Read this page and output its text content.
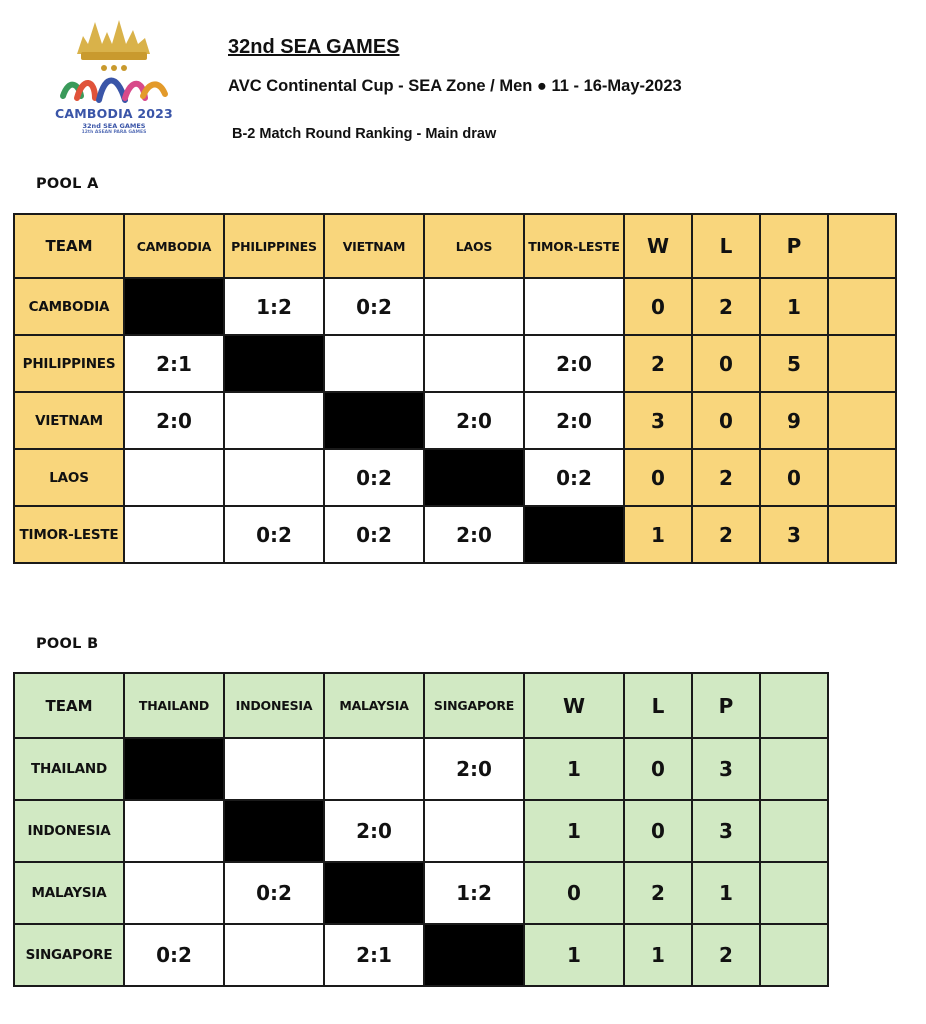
CAMBODIA 2023
32nd SEA GAMES
12th ASEAN PARA GAMES
32nd SEA GAMES
AVC Continental Cup - SEA Zone / Men ● 11 - 16-May-2023
B-2 Match Round Ranking - Main draw
POOL A
TEAM	CAMBODIA	PHILIPPINES	VIETNAM	LAOS	TIMOR-LESTE	W	L	P	
CAMBODIA		1:2	0:2			0	2	1	
PHILIPPINES	2:1				2:0	2	0	5	
VIETNAM	2:0			2:0	2:0	3	0	9	
LAOS			0:2		0:2	0	2	0	
TIMOR-LESTE		0:2	0:2	2:0		1	2	3	
POOL B
TEAM	THAILAND	INDONESIA	MALAYSIA	SINGAPORE	W	L	P	
THAILAND				2:0	1	0	3	
INDONESIA			2:0		1	0	3	
MALAYSIA		0:2		1:2	0	2	1	
SINGAPORE	0:2		2:1		1	1	2	
